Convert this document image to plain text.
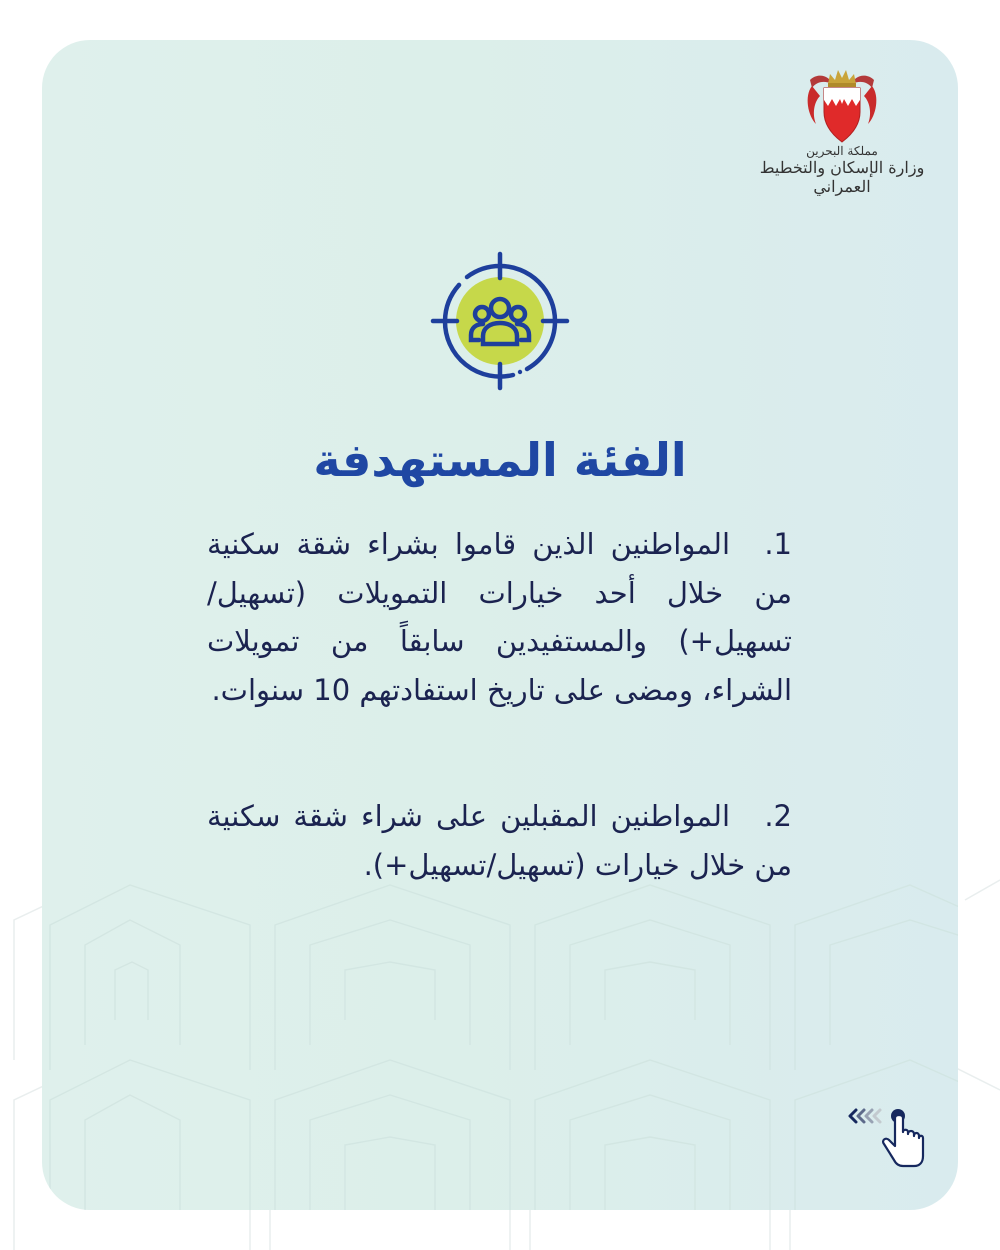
مملكة البحرين
وزارة الإسكان والتخطيط العمراني
الفئة المستهدفة
1.المواطنين الذين قاموا بشراء شقة سكنية من خلال أحد خيارات التمويلات (تسهيل/تسهيل+) والمستفيدين سابقاً من تمويلات الشراء، ومضى على تاريخ استفادتهم 10 سنوات.
2.المواطنين المقبلين على شراء شقة سكنية من خلال خيارات (تسهيل/تسهيل+).
